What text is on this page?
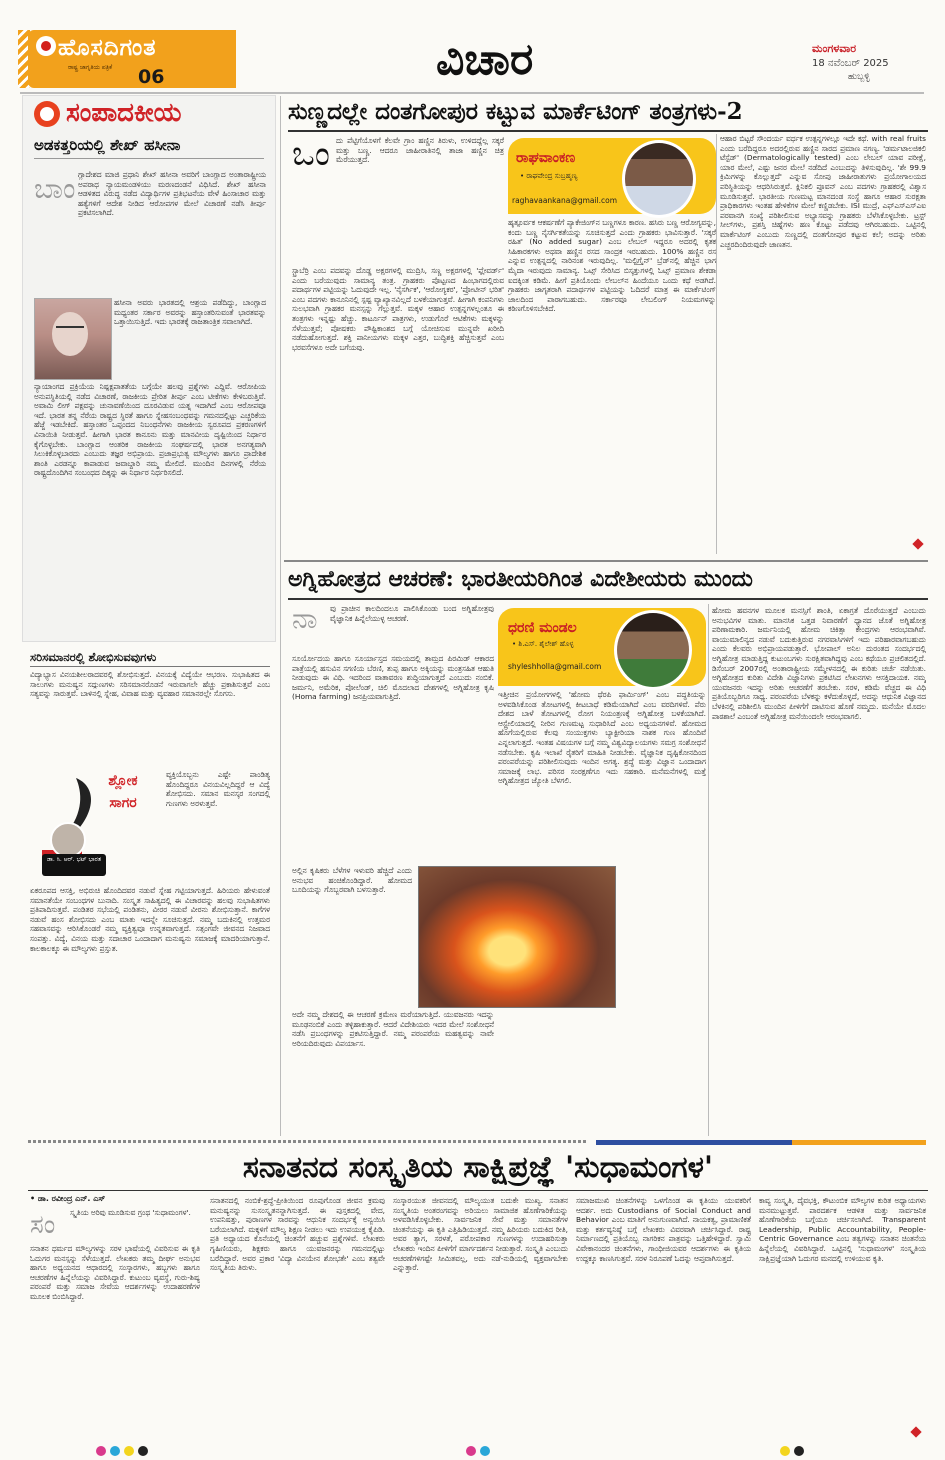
ಹೊಸದಿಗಂತ
ರಾಷ್ಟ್ರ ಜಾಗೃತಿಯ ಪತ್ರಿಕೆ	06	ವಿಚಾರ	ಮಂಗಳವಾರ
18 ನವೆಂಬರ್ 2025
ಹುಬ್ಬಳ್ಳಿ
ಸಂಪಾದಕೀಯ
ಅಡಕತ್ತರಿಯಲ್ಲಿ ಶೇಖ್ ಹಸೀನಾ
ಬಾಂ ಗ್ಲಾದೇಶದ ಮಾಜಿ ಪ್ರಧಾನಿ ಶೇಖ್ ಹಸೀನಾ ಅವರಿಗೆ ಬಾಂಗ್ಲಾದ ಅಂತಾರಾಷ್ಟ್ರೀಯ ಅಪರಾಧ ನ್ಯಾಯಮಂಡಳಿಯು ಮರಣದಂಡನೆ ವಿಧಿಸಿದೆ. ಶೇಖ್ ಹಸೀನಾ ಆಡಳಿತದ ವಿರುದ್ಧ ನಡೆದ ವಿದ್ಯಾರ್ಥಿಗಳ ಪ್ರತಿಭಟನೆಯ ವೇಳೆ ಹಿಂಸಾಚಾರ ಮತ್ತು ಹತ್ಯೆಗಳಿಗೆ ಆದೇಶ ನೀಡಿದ ಆರೋಪಗಳ ಮೇಲೆ ವಿಚಾರಣೆ ನಡೆಸಿ ತೀರ್ಪು ಪ್ರಕಟಿಸಲಾಗಿದೆ.
ಹಸೀನಾ ಅವರು ಭಾರತದಲ್ಲಿ ಆಶ್ರಯ ಪಡೆದಿದ್ದು, ಬಾಂಗ್ಲಾದ ಮಧ್ಯಂತರ ಸರ್ಕಾರ ಅವರನ್ನು ಹಸ್ತಾಂತರಿಸುವಂತೆ ಭಾರತವನ್ನು ಒತ್ತಾಯಿಸುತ್ತಿದೆ. ಇದು ಭಾರತಕ್ಕೆ ರಾಜತಾಂತ್ರಿಕ ಸವಾಲಾಗಿದೆ.
ನ್ಯಾಯಾಂಗದ ಪ್ರಕ್ರಿಯೆಯ ನಿಷ್ಪಕ್ಷಪಾತತೆಯ ಬಗ್ಗೆಯೇ ಹಲವು ಪ್ರಶ್ನೆಗಳು ಎದ್ದಿವೆ. ಆರೋಪಿಯ ಅನುಪಸ್ಥಿತಿಯಲ್ಲಿ ನಡೆದ ವಿಚಾರಣೆ, ರಾಜಕೀಯ ಪ್ರೇರಿತ ತೀರ್ಪು ಎಂಬ ಟೀಕೆಗಳು ಕೇಳಿಬರುತ್ತಿವೆ. ಅವಾಮಿ ಲೀಗ್ ಪಕ್ಷವನ್ನು ಚುನಾವಣೆಯಿಂದ ದೂರವಿಡುವ ಯತ್ನ ಇದಾಗಿದೆ ಎಂಬ ಆರೋಪವೂ ಇದೆ. ಭಾರತ ತನ್ನ ನೆರೆಯ ರಾಷ್ಟ್ರದ ಸ್ಥಿರತೆ ಹಾಗೂ ಸ್ನೇಹಸಂಬಂಧವನ್ನು ಗಮನದಲ್ಲಿಟ್ಟು ಎಚ್ಚರಿಕೆಯ ಹೆಜ್ಜೆ ಇಡಬೇಕಿದೆ. ಹಸ್ತಾಂತರ ಒಪ್ಪಂದದ ನಿಬಂಧನೆಗಳು ರಾಜಕೀಯ ಸ್ವರೂಪದ ಪ್ರಕರಣಗಳಿಗೆ ವಿನಾಯಿತಿ ನೀಡುತ್ತವೆ. ಹೀಗಾಗಿ ಭಾರತ ಕಾನೂನು ಮತ್ತು ಮಾನವೀಯ ದೃಷ್ಟಿಯಿಂದ ನಿರ್ಧಾರ ಕೈಗೊಳ್ಳಬೇಕು. ಬಾಂಗ್ಲಾದ ಆಂತರಿಕ ರಾಜಕೀಯ ಸಂಘರ್ಷದಲ್ಲಿ ಭಾರತ ಅನಗತ್ಯವಾಗಿ ಸಿಲುಕಿಕೊಳ್ಳಬಾರದು ಎಂಬುದು ತಜ್ಞರ ಅಭಿಪ್ರಾಯ. ಪ್ರಜಾಪ್ರಭುತ್ವ ಮೌಲ್ಯಗಳು ಹಾಗೂ ಪ್ರಾದೇಶಿಕ ಶಾಂತಿ ಎರಡನ್ನೂ ಕಾಪಾಡುವ ಜವಾಬ್ದಾರಿ ನಮ್ಮ ಮೇಲಿದೆ. ಮುಂದಿನ ದಿನಗಳಲ್ಲಿ ನೆರೆಯ ರಾಷ್ಟ್ರದೊಂದಿಗಿನ ಸಂಬಂಧದ ದಿಕ್ಕನ್ನು ಈ ನಿರ್ಧಾರ ನಿರ್ಧರಿಸಲಿದೆ.
ಸರಿಸಮಾನರಲ್ಲಿ ಶೋಭಿಸುವವುಗಳು
ವಿದ್ಯಾಭ್ಯಾಸ ವಿನಯಶೀಲರಾದವರಲ್ಲಿ ಶೋಭಿಸುತ್ತದೆ. ವಿನಯಕ್ಕೆ ವಿದ್ಯೆಯೇ ಆಭರಣ. ಸುಭಾಷಿತದ ಈ ಸಾಲುಗಳು ಮನುಷ್ಯನ ಸದ್ಗುಣಗಳು ಸರಿಸಮಾನರೊಡನೆ ಇರುವಾಗಲೇ ಹೆಚ್ಚು ಪ್ರಕಾಶಿಸುತ್ತವೆ ಎಂಬ ಸತ್ಯವನ್ನು ಸಾರುತ್ತವೆ. ಬಾಳಿನಲ್ಲಿ ಸ್ನೇಹ, ವಿವಾಹ ಮತ್ತು ವ್ಯವಹಾರ ಸಮಾನರಲ್ಲೇ ಸೊಗಸು.
ಶ್ಲೋಕ
ಸಾಗರ
ಡಾ. ಸಿ. ಆರ್. ಭಟ್ ಭಾರತ
ವ್ಯಕ್ತಿಯೊಬ್ಬನು ಎಷ್ಟೇ ಪಾಂಡಿತ್ಯ ಹೊಂದಿದ್ದರೂ ವಿನಯವಿಲ್ಲದಿದ್ದರೆ ಆ ವಿದ್ಯೆ ಶೋಭಿಸದು. ಸಮಾನ ಮನಸ್ಕರ ಸಂಗದಲ್ಲಿ ಗುಣಗಳು ಅರಳುತ್ತವೆ.
ಏಕರೂಪದ ಆಸಕ್ತಿ, ಅಭಿರುಚಿ ಹೊಂದಿದವರ ನಡುವೆ ಸ್ನೇಹ ಗಟ್ಟಿಯಾಗುತ್ತದೆ. ಹಿರಿಯರು ಹೇಳುವಂತೆ ಸಮಾನತೆಯೇ ಸಂಬಂಧಗಳ ಬುನಾದಿ. ಸಂಸ್ಕೃತ ಸಾಹಿತ್ಯದಲ್ಲಿ ಈ ವಿಚಾರವನ್ನು ಹಲವು ಸುಭಾಷಿತಗಳು ಪ್ರತಿಪಾದಿಸುತ್ತವೆ. ಪಂಡಿತರ ಸಭೆಯಲ್ಲಿ ಪಂಡಿತನು, ವೀರರ ನಡುವೆ ವೀರನು ಶೋಭಿಸುತ್ತಾನೆ. ಕಾಗೆಗಳ ನಡುವೆ ಹಂಸ ಶೋಭಿಸದು ಎಂಬ ಮಾತು ಇದನ್ನೇ ಸೂಚಿಸುತ್ತದೆ. ನಮ್ಮ ಬದುಕಿನಲ್ಲಿ ಉತ್ತಮರ ಸಹವಾಸವನ್ನು ಆರಿಸಿಕೊಂಡರೆ ನಮ್ಮ ವ್ಯಕ್ತಿತ್ವವೂ ಉನ್ನತವಾಗುತ್ತದೆ. ಸತ್ಸಂಗವೇ ಜೀವನದ ನಿಜವಾದ ಸಂಪತ್ತು. ವಿದ್ಯೆ, ವಿನಯ ಮತ್ತು ಸದಾಚಾರ ಒಂದಾದಾಗ ಮನುಷ್ಯನು ಸಮಾಜಕ್ಕೆ ಮಾದರಿಯಾಗುತ್ತಾನೆ. ಕಾಲಕಾಲಕ್ಕೂ ಈ ಮೌಲ್ಯಗಳು ಪ್ರಸ್ತುತ.
ಸುಣ್ಣದಲ್ಲೇ ದಂತಗೋಪುರ ಕಟ್ಟುವ ಮಾರ್ಕೆಟಿಂಗ್ ತಂತ್ರಗಳು-2
ಒಂ ದು ಪೆಟ್ಟಿಗೆಯೊಳಗೆ ಕೆಲವೇ ಗ್ರಾಂ ಹಣ್ಣಿನ ತಿರುಳು, ಉಳಿದದ್ದೆಲ್ಲ ಸಕ್ಕರೆ ಮತ್ತು ಬಣ್ಣ. ಆದರೂ ಜಾಹೀರಾತಿನಲ್ಲಿ ತಾಜಾ ಹಣ್ಣಿನ ಚಿತ್ರ ಮೆರೆಯುತ್ತದೆ.
ಸ್ಟ್ರಾಬೆರ‍್ರಿ ಎಂಬ ಪದವನ್ನು ದೊಡ್ಡ ಅಕ್ಷರಗಳಲ್ಲಿ ಮುದ್ರಿಸಿ, ಸಣ್ಣ ಅಕ್ಷರಗಳಲ್ಲಿ 'ಫ್ಲೇವರ್ಡ್' ಎಂದು ಬರೆಯುವುದು ಸಾಮಾನ್ಯ ತಂತ್ರ. ಗ್ರಾಹಕರು ಪೊಟ್ಟಣದ ಹಿಂಭಾಗದಲ್ಲಿರುವ ಪದಾರ್ಥಗಳ ಪಟ್ಟಿಯನ್ನು ಓದುವುದೇ ಇಲ್ಲ. 'ನೈಸರ್ಗಿಕ', 'ಆರೋಗ್ಯಕರ', 'ಪ್ರೋಟೀನ್ ಭರಿತ' ಎಂಬ ಪದಗಳು ಕಾನೂನಿನಲ್ಲಿ ಸ್ಪಷ್ಟ ವ್ಯಾಖ್ಯಾನವಿಲ್ಲದೆ ಬಳಕೆಯಾಗುತ್ತವೆ. ಹೀಗಾಗಿ ಕಂಪನಿಗಳು ಸುಲಭವಾಗಿ ಗ್ರಾಹಕರ ಮನಸ್ಸನ್ನು ಗೆಲ್ಲುತ್ತವೆ. ಮಕ್ಕಳ ಆಹಾರ ಉತ್ಪನ್ನಗಳಲ್ಲಂತೂ ಈ ತಂತ್ರಗಳು ಇನ್ನಷ್ಟು ಹೆಚ್ಚು. ಕಾರ್ಟೂನ್ ಪಾತ್ರಗಳು, ಉಡುಗೊರೆ ಆಟಿಕೆಗಳು ಮಕ್ಕಳನ್ನು ಸೆಳೆಯುತ್ತವೆ; ಪೋಷಕರು ಪೌಷ್ಟಿಕಾಂಶದ ಬಗ್ಗೆ ಯೋಚಿಸುವ ಮುನ್ನವೇ ಖರೀದಿ ನಡೆದುಹೋಗುತ್ತದೆ. ಶಕ್ತಿ ಪಾನೀಯಗಳು ಮಕ್ಕಳ ಎತ್ತರ, ಬುದ್ಧಿಶಕ್ತಿ ಹೆಚ್ಚಿಸುತ್ತವೆ ಎಂಬ ಭರವಸೆಗಳೂ ಅದೇ ಬಗೆಯವು.
ರಾಘವಾಂಕಣ
• ರಾಘವೇಂದ್ರ ಸುಬ್ರಹ್ಮಣ್ಯ
raghavaankana@gmail.com
ಹೃತ್ಪೂರ್ವಕ ಆಕರ್ಷಣೆಗೆ ಪ್ಯಾಕೇಜಿಂಗ್‌ನ ಬಣ್ಣಗಳೂ ಕಾರಣ. ಹಸಿರು ಬಣ್ಣ ಆರೋಗ್ಯವನ್ನು, ಕಂದು ಬಣ್ಣ ನೈಸರ್ಗಿಕತೆಯನ್ನು ಸೂಚಿಸುತ್ತದೆ ಎಂದು ಗ್ರಾಹಕರು ಭಾವಿಸುತ್ತಾರೆ. 'ಸಕ್ಕರೆ ರಹಿತ' (No added sugar) ಎಂಬ ಲೇಬಲ್ ಇದ್ದರೂ ಅದರಲ್ಲಿ ಕೃತಕ ಸಿಹಿಕಾರಕಗಳು ಅಥವಾ ಹಣ್ಣಿನ ರಸದ ಸಾಂದ್ರಕ ಇರಬಹುದು. 100% ಹಣ್ಣಿನ ರಸ ಎನ್ನುವ ಉತ್ಪನ್ನದಲ್ಲಿ ನಾರಿನಂಶ ಇರುವುದಿಲ್ಲ. 'ಮಲ್ಟಿಗ್ರೈನ್' ಬ್ರೆಡ್‌ನಲ್ಲಿ ಹೆಚ್ಚಿನ ಭಾಗ ಮೈದಾ ಇರುವುದು ಸಾಮಾನ್ಯ. ಓಟ್ಸ್ ಸೇರಿಸಿದ ಬಿಸ್ಕತ್ತುಗಳಲ್ಲಿ ಓಟ್ಸ್ ಪ್ರಮಾಣ ಶೇಕಡಾ ಐದಕ್ಕಿಂತ ಕಡಿಮೆ. ಹೀಗೆ ಪ್ರತಿಯೊಂದು ಲೇಬಲ್‌ನ ಹಿಂದೆಯೂ ಒಂದು ಕಥೆ ಅಡಗಿದೆ. ಗ್ರಾಹಕರು ಜಾಗೃತರಾಗಿ ಪದಾರ್ಥಗಳ ಪಟ್ಟಿಯನ್ನು ಓದಿದರೆ ಮಾತ್ರ ಈ ಮಾರ್ಕೆಟಿಂಗ್ ಜಾಲದಿಂದ ಪಾರಾಗಬಹುದು. ಸರ್ಕಾರವೂ ಲೇಬಲಿಂಗ್ ನಿಯಮಗಳನ್ನು ಕಠಿಣಗೊಳಿಸಬೇಕಿದೆ.
ಆಹಾರ ಬಿಟ್ಟರೆ ಸೌಂದರ್ಯ ವರ್ಧಕ ಉತ್ಪನ್ನಗಳಲ್ಲೂ ಇದೇ ಕಥೆ. with real fruits ಎಂದು ಬರೆದಿದ್ದರೂ ಅದರಲ್ಲಿರುವ ಹಣ್ಣಿನ ಸಾರದ ಪ್ರಮಾಣ ನಗಣ್ಯ. 'ಡರ್ಮಟಾಲಜಿಕಲಿ ಟೆಸ್ಟೆಡ್' (Dermatologically tested) ಎಂಬ ಲೇಬಲ್ ಯಾವ ಪರೀಕ್ಷೆ, ಯಾರ ಮೇಲೆ, ಎಷ್ಟು ಜನರ ಮೇಲೆ ನಡೆದಿದೆ ಎಂಬುದನ್ನು ತಿಳಿಸುವುದಿಲ್ಲ. 'ಶೇ 99.9 ಕ್ರಿಮಿಗಳನ್ನು ಕೊಲ್ಲುತ್ತದೆ' ಎನ್ನುವ ಸೋಪು ಜಾಹೀರಾತುಗಳು ಪ್ರಯೋಗಾಲಯದ ಪರಿಸ್ಥಿತಿಯನ್ನು ಆಧರಿಸಿರುತ್ತವೆ. ಕ್ಲಿನಿಕಲಿ ಪ್ರೂವನ್ ಎಂಬ ಪದಗಳು ಗ್ರಾಹಕರಲ್ಲಿ ವಿಶ್ವಾಸ ಮೂಡಿಸುತ್ತವೆ. ಭಾರತೀಯ ಗುಣಮಟ್ಟ ಮಾನದಂಡ ಸಂಸ್ಥೆ ಹಾಗೂ ಆಹಾರ ಸುರಕ್ಷತಾ ಪ್ರಾಧಿಕಾರಗಳು ಇಂತಹ ಹೇಳಿಕೆಗಳ ಮೇಲೆ ಕಣ್ಣಿಡಬೇಕು. ISI ಮುದ್ರೆ, ಎಫ್‌ಎಸ್‌ಎಸ್‌ಎಐ ಪರವಾನಗಿ ಸಂಖ್ಯೆ ಪರಿಶೀಲಿಸುವ ಅಭ್ಯಾಸವನ್ನು ಗ್ರಾಹಕರು ಬೆಳೆಸಿಕೊಳ್ಳಬೇಕು. ಟ್ರಸ್ಟ್ ಸೀಲ್‌ಗಳು, ಪ್ರಶಸ್ತಿ ಚಿಹ್ನೆಗಳು ಹಣ ಕೊಟ್ಟು ಪಡೆದವು ಆಗಿರಬಹುದು. ಒಟ್ಟಿನಲ್ಲಿ ಮಾರ್ಕೆಟಿಂಗ್ ಎಂಬುದು ಸುಣ್ಣದಲ್ಲಿ ದಂತಗೋಪುರ ಕಟ್ಟುವ ಕಲೆ; ಅದನ್ನು ಅರಿತು ಎಚ್ಚರದಿಂದಿರುವುದೇ ಜಾಣತನ.
ಅಗ್ನಿಹೋತ್ರದ ಆಚರಣೆ: ಭಾರತೀಯರಿಗಿಂತ ವಿದೇಶೀಯರು ಮುಂದು
ನಾ	ವು ಪ್ರಾಚೀನ ಕಾಲದಿಂದಲೂ ಪಾಲಿಸಿಕೊಂಡು ಬಂದ ಅಗ್ನಿಹೋತ್ರವು ವೈಜ್ಞಾನಿಕ ಹಿನ್ನೆಲೆಯುಳ್ಳ ಆಚರಣೆ.
ಸೂರ್ಯೋದಯ ಹಾಗೂ ಸೂರ್ಯಾಸ್ತದ ಸಮಯದಲ್ಲಿ ತಾಮ್ರದ ಪಿರಮಿಡ್ ಆಕಾರದ ಪಾತ್ರೆಯಲ್ಲಿ ಹಸುವಿನ ಸಗಣಿಯ ಬೆರಣಿ, ತುಪ್ಪ ಹಾಗೂ ಅಕ್ಕಿಯನ್ನು ಮಂತ್ರಸಹಿತ ಆಹುತಿ ನೀಡುವುದು ಈ ವಿಧಿ. ಇದರಿಂದ ವಾತಾವರಣ ಶುದ್ಧಿಯಾಗುತ್ತದೆ ಎಂಬುದು ನಂಬಿಕೆ. ಜರ್ಮನಿ, ಅಮೆರಿಕ, ಪೋಲೆಂಡ್, ಚಿಲಿ ಮೊದಲಾದ ದೇಶಗಳಲ್ಲಿ ಅಗ್ನಿಹೋತ್ರ ಕೃಷಿ (Homa farming) ಜನಪ್ರಿಯವಾಗುತ್ತಿದೆ.
ಧರಣಿ ಮಂಡಲ
• ಶಿ.ಎಸ್. ಶೈಲೇಶ್ ಹೊಳ್ಳ
shyleshholla@gmail.com
ಇತ್ತೀಚಿನ ಪ್ರಯೋಗಗಳಲ್ಲಿ 'ಹೋಮ ಥೆರಪಿ ಫಾರ್ಮಿಂಗ್' ಎಂಬ ಪದ್ಧತಿಯನ್ನು ಅಳವಡಿಸಿಕೊಂಡ ತೋಟಗಳಲ್ಲಿ ಕೀಟಬಾಧೆ ಕಡಿಮೆಯಾಗಿದೆ ಎಂಬ ವರದಿಗಳಿವೆ. ಪೆರು ದೇಶದ ಬಾಳೆ ತೋಟಗಳಲ್ಲಿ ರೋಗ ನಿಯಂತ್ರಣಕ್ಕೆ ಅಗ್ನಿಹೋತ್ರ ಬಳಕೆಯಾಗಿದೆ. ಆಸ್ಟ್ರೇಲಿಯಾದಲ್ಲಿ ನೀರಿನ ಗುಣಮಟ್ಟ ಸುಧಾರಿಸಿದೆ ಎಂಬ ಅಧ್ಯಯನಗಳಿವೆ. ಹೋಮದ ಹೊಗೆಯಲ್ಲಿರುವ ಕೆಲವು ಸಂಯುಕ್ತಗಳು ಬ್ಯಾಕ್ಟೀರಿಯಾ ನಾಶಕ ಗುಣ ಹೊಂದಿವೆ ಎನ್ನಲಾಗುತ್ತದೆ. ಇಂತಹ ವಿಷಯಗಳ ಬಗ್ಗೆ ನಮ್ಮ ವಿಶ್ವವಿದ್ಯಾಲಯಗಳು ಸಮಗ್ರ ಸಂಶೋಧನೆ ನಡೆಸಬೇಕು. ಕೃಷಿ ಇಲಾಖೆ ರೈತರಿಗೆ ಮಾಹಿತಿ ನೀಡಬೇಕು. ವೈಜ್ಞಾನಿಕ ದೃಷ್ಟಿಕೋನದಿಂದ ಪರಂಪರೆಯನ್ನು ಪರಿಶೀಲಿಸುವುದು ಇಂದಿನ ಅಗತ್ಯ. ಶ್ರದ್ಧೆ ಮತ್ತು ವಿಜ್ಞಾನ ಒಂದಾದಾಗ ಸಮಾಜಕ್ಕೆ ಲಾಭ. ಪರಿಸರ ಸಂರಕ್ಷಣೆಗೂ ಇದು ಸಹಕಾರಿ. ಮನೆಮನೆಗಳಲ್ಲಿ ಮತ್ತೆ ಅಗ್ನಿಹೋತ್ರದ ಜ್ಯೋತಿ ಬೆಳಗಲಿ.
ಅಲ್ಲಿನ ಕೃಷಿಕರು ಬೆಳೆಗಳ ಇಳುವರಿ ಹೆಚ್ಚಿದೆ ಎಂದು ಅನುಭವ ಹಂಚಿಕೊಂಡಿದ್ದಾರೆ. ಹೋಮದ ಬೂದಿಯನ್ನು ಗೊಬ್ಬರವಾಗಿ ಬಳಸುತ್ತಾರೆ.
ಅದೇ ನಮ್ಮ ದೇಶದಲ್ಲಿ ಈ ಆಚರಣೆ ಕ್ರಮೇಣ ಮರೆಯಾಗುತ್ತಿದೆ. ಯುವಜನರು ಇದನ್ನು ಮೂಢನಂಬಿಕೆ ಎಂದು ತಳ್ಳಿಹಾಕುತ್ತಾರೆ. ಆದರೆ ವಿದೇಶಿಯರು ಇದರ ಮೇಲೆ ಸಂಶೋಧನೆ ನಡೆಸಿ ಪ್ರಬಂಧಗಳನ್ನು ಪ್ರಕಟಿಸುತ್ತಿದ್ದಾರೆ. ನಮ್ಮ ಪರಂಪರೆಯ ಮಹತ್ವವನ್ನು ನಾವೇ ಅರಿಯದಿರುವುದು ವಿಪರ್ಯಾಸ.
ಹೋಮ ಹವನಗಳ ಮೂಲಕ ಮನಸ್ಸಿಗೆ ಶಾಂತಿ, ಏಕಾಗ್ರತೆ ದೊರೆಯುತ್ತದೆ ಎಂಬುದು ಅನುಭವಿಗಳ ಮಾತು. ಮಾನಸಿಕ ಒತ್ತಡ ನಿವಾರಣೆಗೆ ಧ್ಯಾನದ ಜೊತೆ ಅಗ್ನಿಹೋತ್ರ ಪರಿಣಾಮಕಾರಿ. ಜರ್ಮನಿಯಲ್ಲಿ ಹೋಮ ಚಿಕಿತ್ಸಾ ಕೇಂದ್ರಗಳು ಆರಂಭವಾಗಿವೆ. ವಾಯುಮಾಲಿನ್ಯದ ನಡುವೆ ಬದುಕುತ್ತಿರುವ ನಗರವಾಸಿಗಳಿಗೆ ಇದು ಪರಿಹಾರವಾಗಬಹುದು ಎಂದು ಕೆಲವರು ಅಭಿಪ್ರಾಯಪಡುತ್ತಾರೆ. ಭೋಪಾಲ್ ಅನಿಲ ದುರಂತದ ಸಂದರ್ಭದಲ್ಲಿ ಅಗ್ನಿಹೋತ್ರ ಮಾಡುತ್ತಿದ್ದ ಕುಟುಂಬಗಳು ಸುರಕ್ಷಿತವಾಗಿದ್ದವು ಎಂಬ ಕಥೆಯೂ ಪ್ರಚಲಿತದಲ್ಲಿದೆ. ಡಿಸೆಂಬರ್ 2007ರಲ್ಲಿ ಅಂತಾರಾಷ್ಟ್ರೀಯ ಸಮ್ಮೇಳನದಲ್ಲಿ ಈ ಕುರಿತು ಚರ್ಚೆ ನಡೆಯಿತು. ಅಗ್ನಿಹೋತ್ರದ ಕುರಿತು ವಿದೇಶಿ ವಿಜ್ಞಾನಿಗಳು ಪ್ರಕಟಿಸಿದ ಲೇಖನಗಳು ಆಸಕ್ತಿದಾಯಕ. ನಮ್ಮ ಯುವಜನರು ಇದನ್ನು ಅರಿತು ಆಚರಣೆಗೆ ತರಬೇಕು. ಸರಳ, ಕಡಿಮೆ ವೆಚ್ಚದ ಈ ವಿಧಿ ಪ್ರತಿಯೊಬ್ಬರಿಗೂ ಸಾಧ್ಯ. ಪರಂಪರೆಯ ಬೆಳಕನ್ನು ಕಳೆದುಕೊಳ್ಳದೆ, ಅದನ್ನು ಆಧುನಿಕ ವಿಜ್ಞಾನದ ಬೆಳಕಿನಲ್ಲಿ ಪರಿಶೀಲಿಸಿ ಮುಂದಿನ ಪೀಳಿಗೆಗೆ ದಾಟಿಸುವ ಹೊಣೆ ನಮ್ಮದು. ಮನೆಯೇ ಮೊದಲ ಪಾಠಶಾಲೆ ಎಂಬಂತೆ ಅಗ್ನಿಹೋತ್ರ ಮನೆಯಿಂದಲೇ ಆರಂಭವಾಗಲಿ.
ಸನಾತನದ ಸಂಸ್ಕೃತಿಯ ಸಾಕ್ಷಿಪ್ರಜ್ಞೆ 'ಸುಧಾಮಂಗಳ'
• ಡಾ. ರವೀಂದ್ರ ಎನ್. ಎಸ್
ಸಂ	ಸ್ಕೃತಿಯ ಅರಿವು ಮೂಡಿಸುವ ಗ್ರಂಥ 'ಸುಧಾಮಂಗಳ'.
ಸನಾತನ ಧರ್ಮದ ಮೌಲ್ಯಗಳನ್ನು ಸರಳ ಭಾಷೆಯಲ್ಲಿ ವಿವರಿಸುವ ಈ ಕೃತಿ ಓದುಗರ ಮನಸ್ಸನ್ನು ಸೆಳೆಯುತ್ತದೆ. ಲೇಖಕರು ತಮ್ಮ ದೀರ್ಘ ಅನುಭವ ಹಾಗೂ ಅಧ್ಯಯನದ ಆಧಾರದಲ್ಲಿ ಸಂಸ್ಕಾರಗಳು, ಹಬ್ಬಗಳು ಹಾಗೂ ಆಚರಣೆಗಳ ಹಿನ್ನೆಲೆಯನ್ನು ವಿವರಿಸಿದ್ದಾರೆ. ಕುಟುಂಬ ವ್ಯವಸ್ಥೆ, ಗುರು-ಶಿಷ್ಯ ಪರಂಪರೆ ಮತ್ತು ಸಮಾಜ ಸೇವೆಯ ಆದರ್ಶಗಳನ್ನು ಉದಾಹರಣೆಗಳ ಮೂಲಕ ಬಿಂಬಿಸಿದ್ದಾರೆ.
ಸನಾತನದಲ್ಲಿ ನಂಬಿಕೆ-ಶ್ರದ್ಧೆ-ಪ್ರೀತಿಯಿಂದ ರೂಪುಗೊಂಡ ಜೀವನ ಕ್ರಮವು ಮನುಷ್ಯನನ್ನು ಸುಸಂಸ್ಕೃತನನ್ನಾಗಿಸುತ್ತದೆ. ಈ ಪುಸ್ತಕದಲ್ಲಿ ವೇದ, ಉಪನಿಷತ್ತು, ಪುರಾಣಗಳ ಸಾರವನ್ನು ಆಧುನಿಕ ಸಂದರ್ಭಕ್ಕೆ ಅನ್ವಯಿಸಿ ಬರೆಯಲಾಗಿದೆ. ಮಕ್ಕಳಿಗೆ ಮೌಲ್ಯ ಶಿಕ್ಷಣ ನೀಡಲು ಇದು ಉಪಯುಕ್ತ ಕೈಪಿಡಿ. ಪ್ರತಿ ಅಧ್ಯಾಯದ ಕೊನೆಯಲ್ಲಿ ಚಿಂತನೆಗೆ ಹಚ್ಚುವ ಪ್ರಶ್ನೆಗಳಿವೆ. ಲೇಖಕರು ಗೃಹಿಣಿಯರು, ಶಿಕ್ಷಕರು ಹಾಗೂ ಯುವಜನರನ್ನು ಗಮನದಲ್ಲಿಟ್ಟು ಬರೆದಿದ್ದಾರೆ. ಅವರ ಪ್ರಕಾರ 'ವಿದ್ಯಾ ವಿನಯೇನ ಶೋಭತೇ' ಎಂಬ ತತ್ವವೇ ಸಂಸ್ಕೃತಿಯ ತಿರುಳು.
ಸಂಸ್ಕಾರಯುತ ಜೀವನದಲ್ಲಿ ಮೌಲ್ಯಯುತ ಬದುಕೇ ಮುಖ್ಯ. ಸನಾತನ ಸಂಸ್ಕೃತಿಯ ಅಂತರಂಗವನ್ನು ಅರಿಯಲು ಸಾಮಾಜಿಕ ಹೊಣೆಗಾರಿಕೆಯನ್ನು ಅಳವಡಿಸಿಕೊಳ್ಳಬೇಕು. ಸಾರ್ವಜನಿಕ ಸೇವೆ ಮತ್ತು ಸಮಾನತೆಗಳ ಚಿಂತನೆಯನ್ನು ಈ ಕೃತಿ ಎತ್ತಿಹಿಡಿಯುತ್ತದೆ. ನಮ್ಮ ಹಿರಿಯರು ಬದುಕಿದ ರೀತಿ, ಅವರ ತ್ಯಾಗ, ಸರಳತೆ, ಪರೋಪಕಾರ ಗುಣಗಳನ್ನು ಉದಾಹರಿಸುತ್ತಾ ಲೇಖಕರು ಇಂದಿನ ಪೀಳಿಗೆಗೆ ಮಾರ್ಗದರ್ಶನ ನೀಡುತ್ತಾರೆ. ಸಂಸ್ಕೃತಿ ಎಂಬುದು ಆಚರಣೆಗಳಿಗಷ್ಟೇ ಸೀಮಿತವಲ್ಲ, ಅದು ನಡೆ-ನುಡಿಯಲ್ಲಿ ವ್ಯಕ್ತವಾಗಬೇಕು ಎನ್ನುತ್ತಾರೆ.
ಸಮಾಜಮುಖಿ ಚಿಂತನೆಗಳನ್ನು ಒಳಗೊಂಡ ಈ ಕೃತಿಯು ಯುವಕರಿಗೆ ಆದರ್ಶ. ಅದು Custodians of Social Conduct and Behavior ಎಂಬ ಮಾತಿಗೆ ಅನುಗುಣವಾಗಿದೆ. ನಾಯಕತ್ವ, ಪ್ರಾಮಾಣಿಕತೆ ಮತ್ತು ಕರ್ತವ್ಯನಿಷ್ಠೆ ಬಗ್ಗೆ ಲೇಖಕರು ವಿವರವಾಗಿ ಚರ್ಚಿಸಿದ್ದಾರೆ. ರಾಷ್ಟ್ರ ನಿರ್ಮಾಣದಲ್ಲಿ ಪ್ರತಿಯೊಬ್ಬ ನಾಗರಿಕನ ಪಾತ್ರವನ್ನು ಒತ್ತಿಹೇಳಿದ್ದಾರೆ. ಸ್ವಾಮಿ ವಿವೇಕಾನಂದರ ಚಿಂತನೆಗಳು, ಗಾಂಧೀಜಿಯವರ ಆದರ್ಶಗಳು ಈ ಕೃತಿಯ ಉದ್ದಕ್ಕೂ ಕಾಣಸಿಗುತ್ತವೆ. ಸರಳ ನಿರೂಪಣೆ ಓದನ್ನು ಆಪ್ತವಾಗಿಸುತ್ತದೆ.
ಕಾವ್ಯ ಸಂಸ್ಕೃತಿ, ದೈವಭಕ್ತಿ, ಕೌಟುಂಬಿಕ ಮೌಲ್ಯಗಳ ಕುರಿತ ಅಧ್ಯಾಯಗಳು ಮನಮುಟ್ಟುತ್ತವೆ. ಪಾರದರ್ಶಕ ಆಡಳಿತ ಮತ್ತು ಸಾರ್ವಜನಿಕ ಹೊಣೆಗಾರಿಕೆಯ ಬಗ್ಗೆಯೂ ಚರ್ಚಿಸಲಾಗಿದೆ. Transparent Leadership, Public Accountability, People-Centric Governance ಎಂಬ ತತ್ವಗಳನ್ನು ಸನಾತನ ಚಿಂತನೆಯ ಹಿನ್ನೆಲೆಯಲ್ಲಿ ವಿವರಿಸಿದ್ದಾರೆ. ಒಟ್ಟಿನಲ್ಲಿ 'ಸುಧಾಮಂಗಳ' ಸಂಸ್ಕೃತಿಯ ಸಾಕ್ಷಿಪ್ರಜ್ಞೆಯಾಗಿ ಓದುಗರ ಮನದಲ್ಲಿ ಉಳಿಯುವ ಕೃತಿ.
